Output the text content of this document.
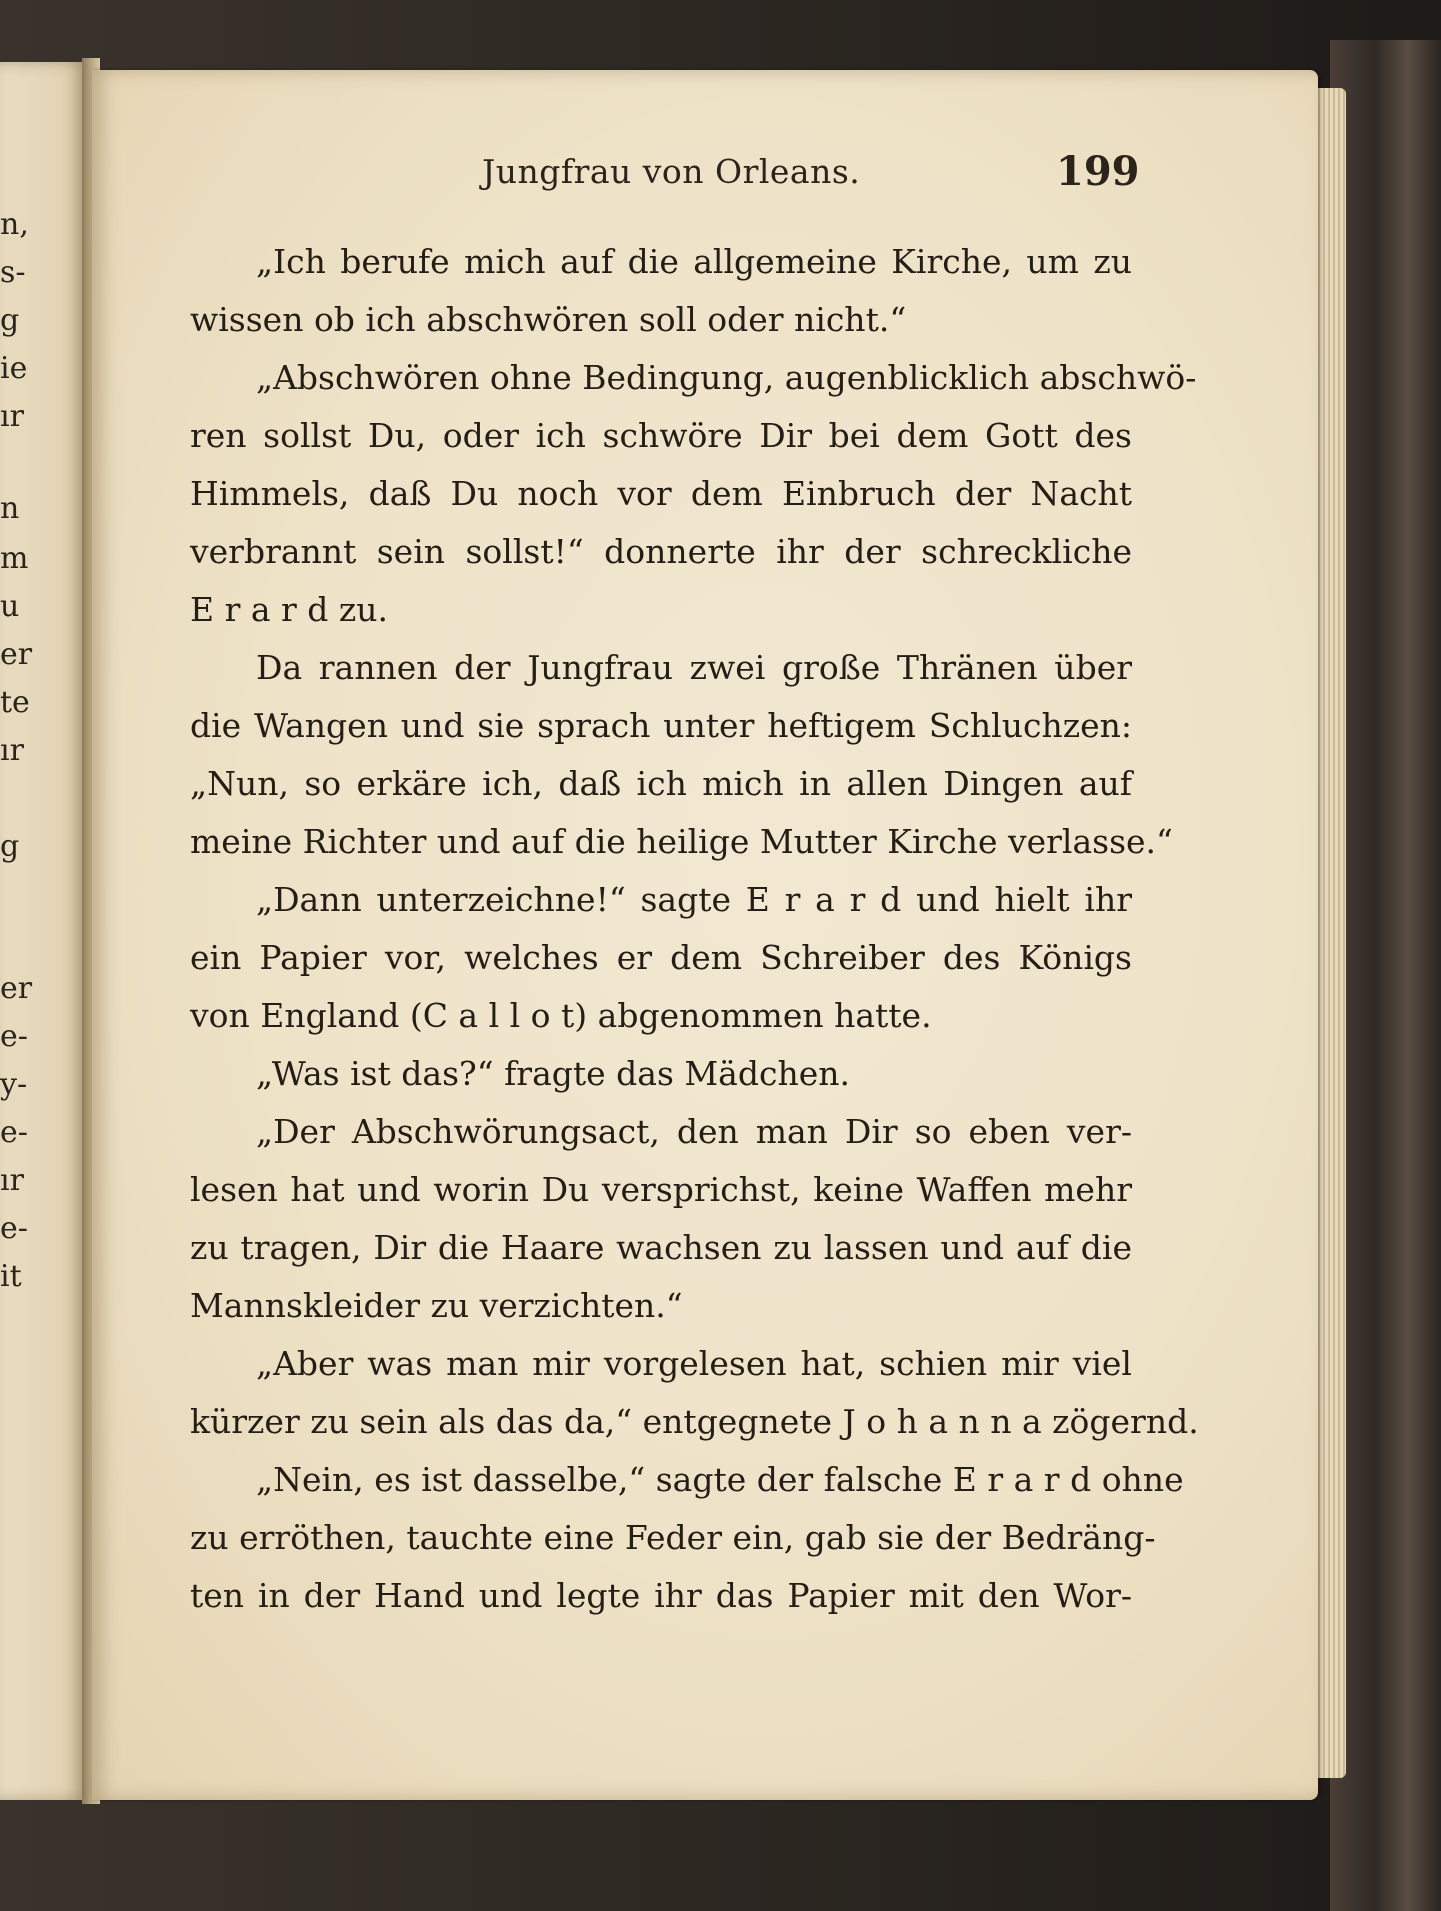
n,
s-
g
ie
ır
n
m
u
er
te
ır
g
er
e-
y-
e-
ır
e-
it
Jungfrau von Orleans.	199
„Ich berufe mich auf die allgemeine Kirche, um zu
wissen ob ich abschwören soll oder nicht.“
„Abschwören ohne Bedingung, augenblicklich abschwö-
ren sollst Du, oder ich schwöre Dir bei dem Gott des
Himmels, daß Du noch vor dem Einbruch der Nacht
verbrannt sein sollst!“ donnerte ihr der schreckliche
E r a r d zu.
Da rannen der Jungfrau zwei große Thränen über
die Wangen und sie sprach unter heftigem Schluchzen:
„Nun, so erkäre ich, daß ich mich in allen Dingen auf
meine Richter und auf die heilige Mutter Kirche verlasse.“
„Dann unterzeichne!“ sagte E r a r d und hielt ihr
ein Papier vor, welches er dem Schreiber des Königs
von England (C a l l o t) abgenommen hatte.
„Was ist das?“ fragte das Mädchen.
„Der Abschwörungsact, den man Dir so eben ver-
lesen hat und worin Du versprichst, keine Waffen mehr
zu tragen, Dir die Haare wachsen zu lassen und auf die
Mannskleider zu verzichten.“
„Aber was man mir vorgelesen hat, schien mir viel
kürzer zu sein als das da,“ entgegnete J o h a n n a zögernd.
„Nein, es ist dasselbe,“ sagte der falsche E r a r d ohne
zu erröthen, tauchte eine Feder ein, gab sie der Bedräng-
ten in der Hand und legte ihr das Papier mit den Wor-
